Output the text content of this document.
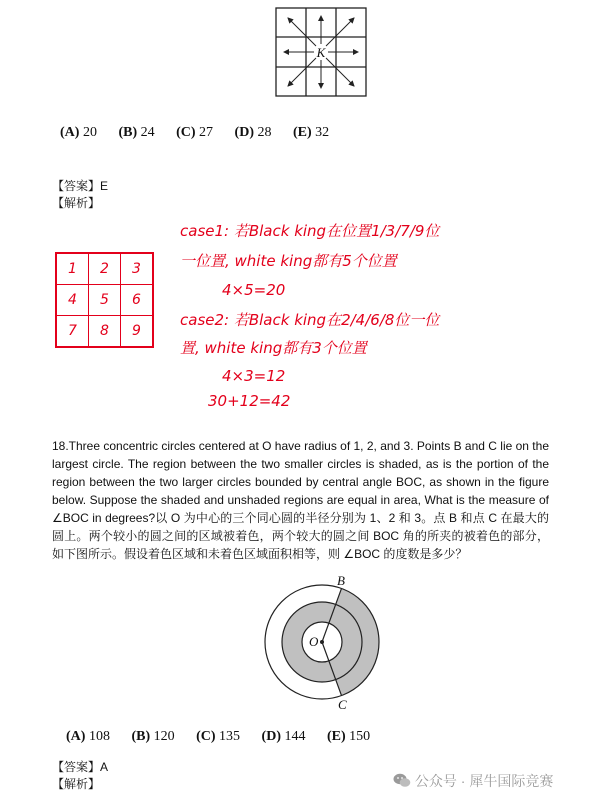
K
(A) 20 (B) 24 (C) 27 (D) 28 (E) 32
【答案】E
【解析】
1	2	3
4	5	6
7	8	9
case1: 若Black king在位置1/3/7/9位
一位置, white king都有5个位置
4×5=20
case2: 若Black king在2/4/6/8位一位
置, white king都有3个位置
4×3=12
30+12=42
18.Three concentric circles centered at O have radius of 1, 2, and 3. Points B and C lie on the largest circle. The region between the two smaller circles is shaded, as is the portion of the region between the two larger circles bounded by central angle BOC, as shown in the figure below. Suppose the shaded and unshaded regions are equal in area, What is the measure of ∠BOC in degrees?以 O 为中心的三个同心圆的半径分别为 1、2 和 3。点 B 和点 C 在最大的圆上。两个较小的圆之间的区域被着色，两个较大的圆之间 BOC 角的所夹的被着色的部分，如下图所示。假设着色区域和未着色区域面积相等，则 ∠BOC 的度数是多少？
O
B
C
(A) 108 (B) 120 (C) 135 (D) 144 (E) 150
【答案】A
【解析】	公众号 · 犀牛国际竞赛
